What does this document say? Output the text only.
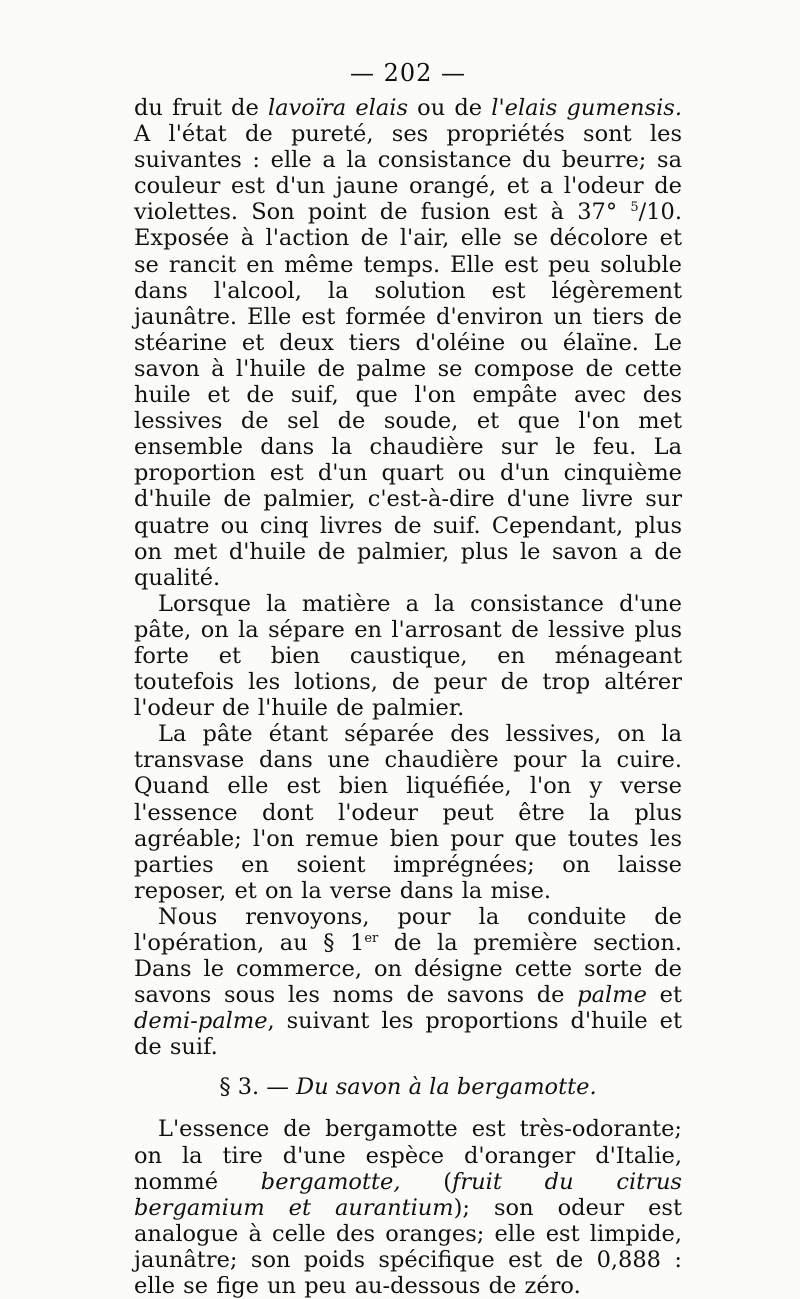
— 202 —

du fruit de lavoïra elais ou de l'elais gumensis. A l'état de pureté, ses propriétés sont les suivantes : elle a la consistance du beurre; sa couleur est d'un jaune orangé, et a l'odeur de violettes. Son point de fusion est à 37° $^5$/10. Exposée à l'action de l'air, elle se décolore et se rancit en même temps. Elle est peu soluble dans l'alcool, la solution est légèrement jaunâtre. Elle est formée d'environ un tiers de stéarine et deux tiers d'oléine ou élaïne. Le savon à l'huile de palme se compose de cette huile et de suif, que l'on empâte avec des lessives de sel de soude, et que l'on met ensemble dans la chaudière sur le feu. La proportion est d'un quart ou d'un cinquième d'huile de palmier, c'est-à-dire d'une livre sur quatre ou cinq livres de suif. Cependant, plus on met d'huile de palmier, plus le savon a de qualité.

Lorsque la matière a la consistance d'une pâte, on la sépare en l'arrosant de lessive plus forte et bien caustique, en ménageant toutefois les lotions, de peur de trop altérer l'odeur de l'huile de palmier.

La pâte étant séparée des lessives, on la transvase dans une chaudière pour la cuire. Quand elle est bien liquéfiée, l'on y verse l'essence dont l'odeur peut être la plus agréable; l'on remue bien pour que toutes les parties en soient imprégnées; on laisse reposer, et on la verse dans la mise.

Nous renvoyons, pour la conduite de l'opération, au § 1er de la première section. Dans le commerce, on désigne cette sorte de savons sous les noms de savons de palme et demi-palme, suivant les proportions d'huile et de suif.

§ 3. — Du savon à la bergamotte.

L'essence de bergamotte est très-odorante; on la tire d'une espèce d'oranger d'Italie, nommé bergamotte, (fruit du citrus bergamium et aurantium); son odeur est analogue à celle des oranges; elle est limpide, jaunâtre; son poids spécifique est de 0,888 : elle se fige un peu au-dessous de zéro.
